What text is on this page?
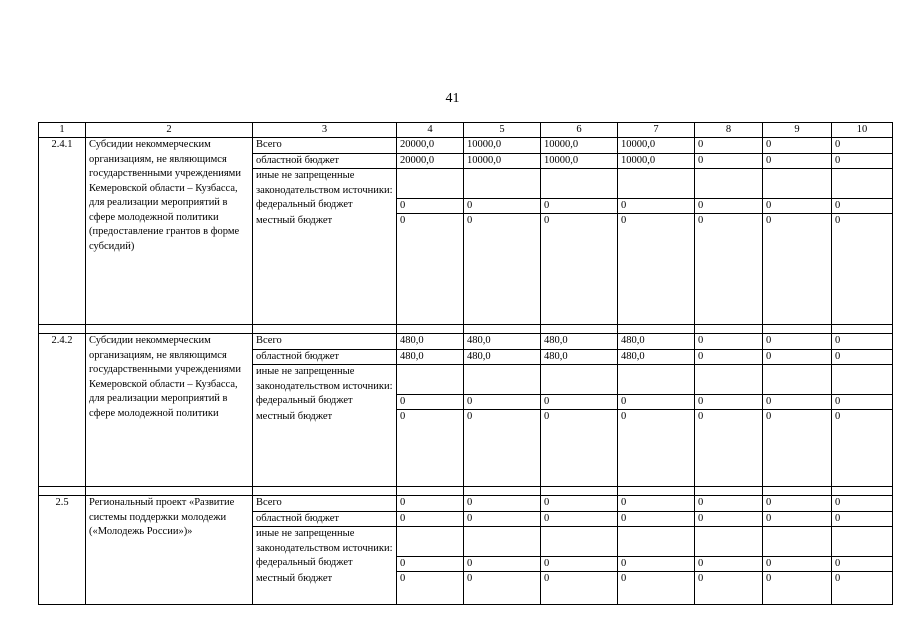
41
1	2	3	4	5	6	7	8	9	10
2.4.1	Субсидии некоммерческим организациям, не являющимся государственными учреждениями Кемеровской области – Кузбасса, для реализации мероприятий в сфере молодежной политики (предоставление грантов в форме субсидий)	Всего	20000,0	10000,0	10000,0	10000,0	0	0	0
		областной бюджет	20000,0	10000,0	10000,0	10000,0	0	0	0
		иные не запрещенные законодательством источники:							
		федеральный бюджет	0	0	0	0	0	0	0
		местный бюджет	0	0	0	0	0	0	0

2.4.2	Субсидии некоммерческим организациям, не являющимся государственными учреждениями Кемеровской области – Кузбасса, для реализации мероприятий в сфере молодежной политики	Всего	480,0	480,0	480,0	480,0	0	0	0
		областной бюджет	480,0	480,0	480,0	480,0	0	0	0
		иные не запрещенные законодательством источники:							
		федеральный бюджет	0	0	0	0	0	0	0
		местный бюджет	0	0	0	0	0	0	0

2.5	Региональный проект «Развитие системы поддержки молодежи («Молодежь России»)»	Всего	0	0	0	0	0	0	0
		областной бюджет	0	0	0	0	0	0	0
		иные не запрещенные законодательством источники:							
		федеральный бюджет	0	0	0	0	0	0	0
		местный бюджет	0	0	0	0	0	0	0
